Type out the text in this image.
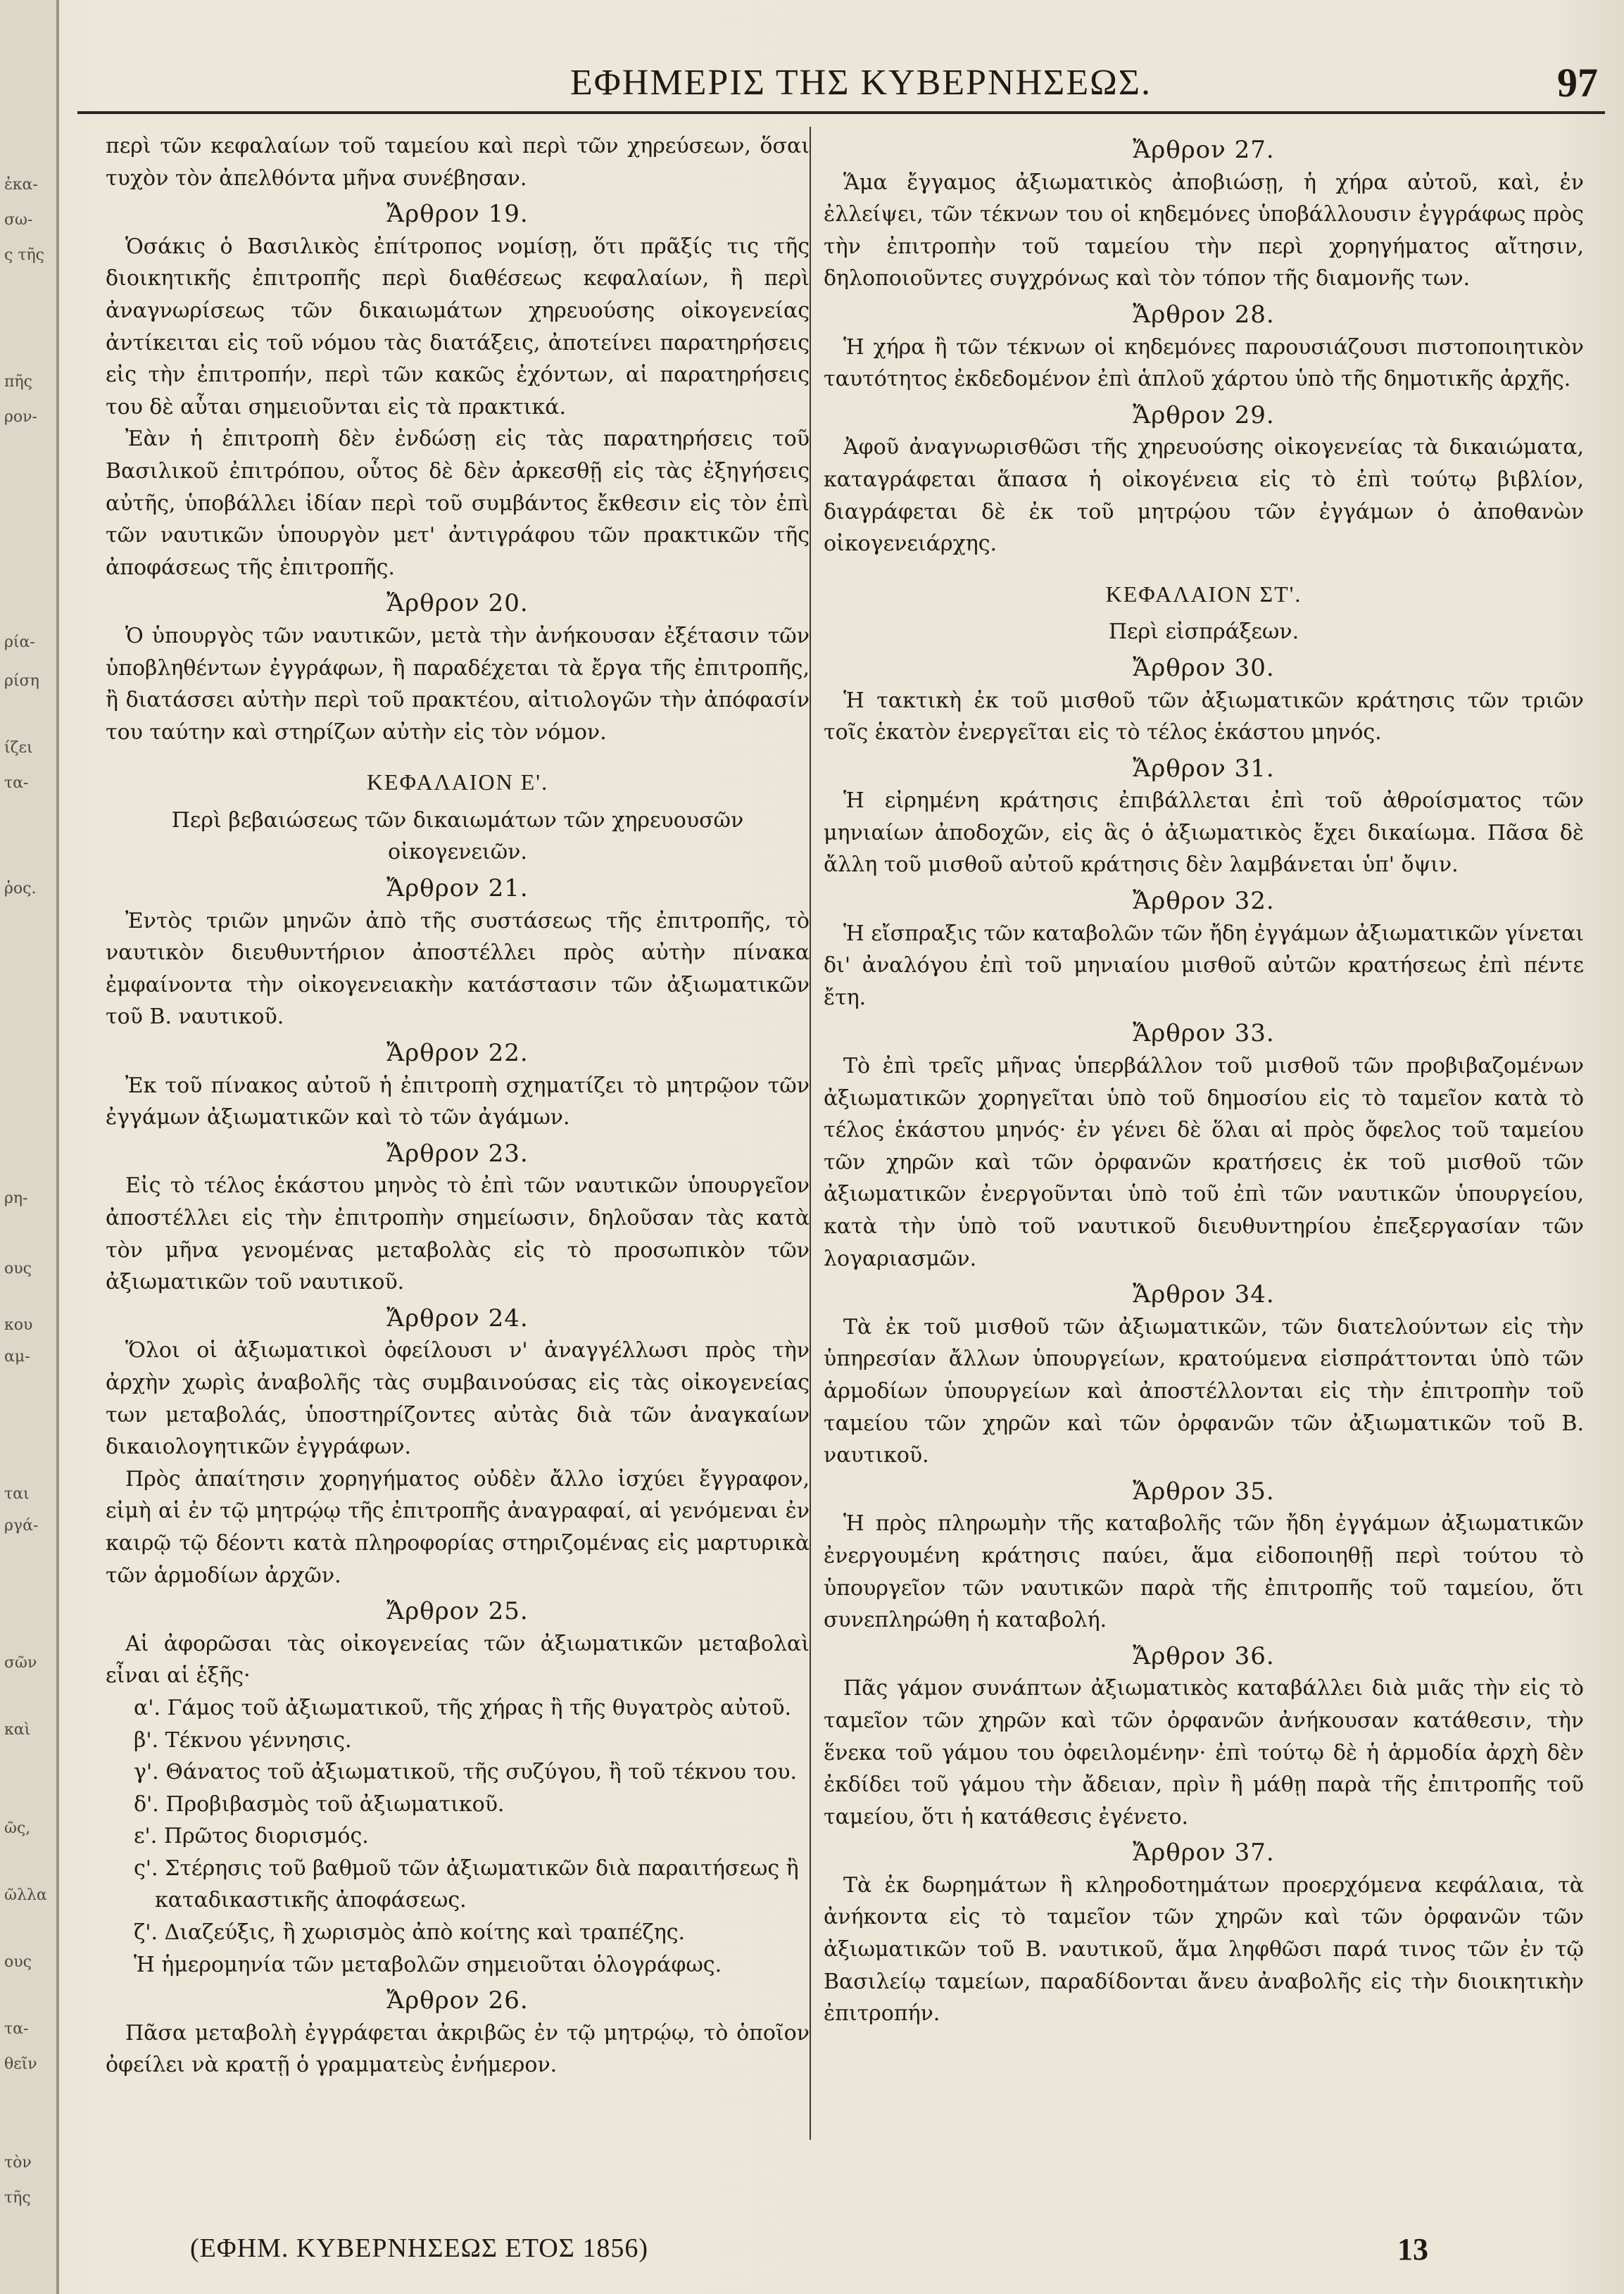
ἐκα-
σω-
ς τῆς
πῆς
ρον-
ρία-
ρίση
ίζει
τα-
ῥος.
ρη-
ους
κου
αμ-
ται
ργά-
σῶν
καὶ
ῶς,
ῶλλα
ους
τα-
θεῖν
τὸν
τῆς
ΕΦΗΜΕΡΙΣ ΤΗΣ ΚΥΒΕΡΝΗΣΕΩΣ.	97

περὶ τῶν κεφαλαίων τοῦ ταμείου καὶ περὶ τῶν χηρεύσεων, ὅσαι τυχὸν τὸν ἀπελθόντα μῆνα συνέβησαν.

Ἄρθρον 19.

Ὁσάκις ὁ Βασιλικὸς ἐπίτροπος νομίσῃ, ὅτι πρᾶξίς τις τῆς διοικητικῆς ἐπιτροπῆς περὶ διαθέσεως κεφαλαίων, ἢ περὶ ἀναγνωρίσεως τῶν δικαιωμάτων χηρευούσης οἰκογενείας ἀντίκειται εἰς τοῦ νόμου τὰς διατάξεις, ἀποτείνει παρατηρήσεις εἰς τὴν ἐπιτροπήν, περὶ τῶν κακῶς ἐχόντων, αἱ παρατηρήσεις του δὲ αὗται σημειοῦνται εἰς τὰ πρακτικά.

Ἐὰν ἡ ἐπιτροπὴ δὲν ἐνδώσῃ εἰς τὰς παρατηρήσεις τοῦ Βασιλικοῦ ἐπιτρόπου, οὗτος δὲ δὲν ἀρκεσθῇ εἰς τὰς ἐξηγήσεις αὐτῆς, ὑποβάλλει ἰδίαν περὶ τοῦ συμβάντος ἔκθεσιν εἰς τὸν ἐπὶ τῶν ναυτικῶν ὑπουργὸν μετ' ἀντιγράφου τῶν πρακτικῶν τῆς ἀποφάσεως τῆς ἐπιτροπῆς.

Ἄρθρον 20.

Ὁ ὑπουργὸς τῶν ναυτικῶν, μετὰ τὴν ἀνήκουσαν ἐξέτασιν τῶν ὑποβληθέντων ἐγγράφων, ἢ παραδέχεται τὰ ἔργα τῆς ἐπιτροπῆς, ἢ διατάσσει αὐτὴν περὶ τοῦ πρακτέου, αἰτιολογῶν τὴν ἀπόφασίν του ταύτην καὶ στηρίζων αὐτὴν εἰς τὸν νόμον.

ΚΕΦΑΛΑΙΟΝ Ε'.
Περὶ βεβαιώσεως τῶν δικαιωμάτων τῶν χηρευουσῶν οἰκογενειῶν.
Ἄρθρον 21.

Ἐντὸς τριῶν μηνῶν ἀπὸ τῆς συστάσεως τῆς ἐπιτροπῆς, τὸ ναυτικὸν διευθυντήριον ἀποστέλλει πρὸς αὐτὴν πίνακα ἐμφαίνοντα τὴν οἰκογενειακὴν κατάστασιν τῶν ἀξιωματικῶν τοῦ Β. ναυτικοῦ.

Ἄρθρον 22.

Ἐκ τοῦ πίνακος αὐτοῦ ἡ ἐπιτροπὴ σχηματίζει τὸ μητρῷον τῶν ἐγγάμων ἀξιωματικῶν καὶ τὸ τῶν ἀγάμων.

Ἄρθρον 23.

Εἰς τὸ τέλος ἑκάστου μηνὸς τὸ ἐπὶ τῶν ναυτικῶν ὑπουργεῖον ἀποστέλλει εἰς τὴν ἐπιτροπὴν σημείωσιν, δηλοῦσαν τὰς κατὰ τὸν μῆνα γενομένας μεταβολὰς εἰς τὸ προσωπικὸν τῶν ἀξιωματικῶν τοῦ ναυτικοῦ.

Ἄρθρον 24.

Ὅλοι οἱ ἀξιωματικοὶ ὀφείλουσι ν' ἀναγγέλλωσι πρὸς τὴν ἀρχὴν χωρὶς ἀναβολῆς τὰς συμβαινούσας εἰς τὰς οἰκογενείας των μεταβολάς, ὑποστηρίζοντες αὐτὰς διὰ τῶν ἀναγκαίων δικαιολογητικῶν ἐγγράφων.

Πρὸς ἀπαίτησιν χορηγήματος οὐδὲν ἄλλο ἰσχύει ἔγγραφον, εἰμὴ αἱ ἐν τῷ μητρῴῳ τῆς ἐπιτροπῆς ἀναγραφαί, αἱ γενόμεναι ἐν καιρῷ τῷ δέοντι κατὰ πληροφορίας στηριζομένας εἰς μαρτυρικὰ τῶν ἁρμοδίων ἀρχῶν.

Ἄρθρον 25.

Αἱ ἀφορῶσαι τὰς οἰκογενείας τῶν ἀξιωματικῶν μεταβολαὶ εἶναι αἱ ἑξῆς·

α'. Γάμος τοῦ ἀξιωματικοῦ, τῆς χήρας ἢ τῆς θυγατρὸς αὐτοῦ.
β'. Τέκνου γέννησις.
γ'. Θάνατος τοῦ ἀξιωματικοῦ, τῆς συζύγου, ἢ τοῦ τέκνου του.
δ'. Προβιβασμὸς τοῦ ἀξιωματικοῦ.
ε'. Πρῶτος διορισμός.
ς'. Στέρησις τοῦ βαθμοῦ τῶν ἀξιωματικῶν διὰ παραιτήσεως ἢ καταδικαστικῆς ἀποφάσεως.
ζ'. Διαζεύξις, ἢ χωρισμὸς ἀπὸ κοίτης καὶ τραπέζης.
Ἡ ἡμερομηνία τῶν μεταβολῶν σημειοῦται ὁλογράφως.
Ἄρθρον 26.

Πᾶσα μεταβολὴ ἐγγράφεται ἀκριβῶς ἐν τῷ μητρῴῳ, τὸ ὁποῖον ὀφείλει νὰ κρατῇ ὁ γραμματεὺς ἐνήμερον.

Ἄρθρον 27.

Ἅμα ἔγγαμος ἀξιωματικὸς ἀποβιώσῃ, ἡ χήρα αὐτοῦ, καὶ, ἐν ἐλλείψει, τῶν τέκνων του οἱ κηδεμόνες ὑποβάλλουσιν ἐγγράφως πρὸς τὴν ἐπιτροπὴν τοῦ ταμείου τὴν περὶ χορηγήματος αἴτησιν, δηλοποιοῦντες συγχρόνως καὶ τὸν τόπον τῆς διαμονῆς των.

Ἄρθρον 28.

Ἡ χήρα ἢ τῶν τέκνων οἱ κηδεμόνες παρουσιάζουσι πιστοποιητικὸν ταυτότητος ἐκδεδομένον ἐπὶ ἁπλοῦ χάρτου ὑπὸ τῆς δημοτικῆς ἀρχῆς.

Ἄρθρον 29.

Ἀφοῦ ἀναγνωρισθῶσι τῆς χηρευούσης οἰκογενείας τὰ δικαιώματα, καταγράφεται ἅπασα ἡ οἰκογένεια εἰς τὸ ἐπὶ τούτῳ βιβλίον, διαγράφεται δὲ ἐκ τοῦ μητρῴου τῶν ἐγγάμων ὁ ἀποθανὼν οἰκογενειάρχης.

ΚΕΦΑΛΑΙΟΝ ΣΤ'.
Περὶ εἰσπράξεων.
Ἄρθρον 30.

Ἡ τακτικὴ ἐκ τοῦ μισθοῦ τῶν ἀξιωματικῶν κράτησις τῶν τριῶν τοῖς ἑκατὸν ἐνεργεῖται εἰς τὸ τέλος ἑκάστου μηνός.

Ἄρθρον 31.

Ἡ εἰρημένη κράτησις ἐπιβάλλεται ἐπὶ τοῦ ἀθροίσματος τῶν μηνιαίων ἀποδοχῶν, εἰς ἃς ὁ ἀξιωματικὸς ἔχει δικαίωμα. Πᾶσα δὲ ἄλλη τοῦ μισθοῦ αὐτοῦ κράτησις δὲν λαμβάνεται ὑπ' ὄψιν.

Ἄρθρον 32.

Ἡ εἴσπραξις τῶν καταβολῶν τῶν ἤδη ἐγγάμων ἀξιωματικῶν γίνεται δι' ἀναλόγου ἐπὶ τοῦ μηνιαίου μισθοῦ αὐτῶν κρατήσεως ἐπὶ πέντε ἔτη.

Ἄρθρον 33.

Τὸ ἐπὶ τρεῖς μῆνας ὑπερβάλλον τοῦ μισθοῦ τῶν προβιβαζομένων ἀξιωματικῶν χορηγεῖται ὑπὸ τοῦ δημοσίου εἰς τὸ ταμεῖον κατὰ τὸ τέλος ἑκάστου μηνός· ἐν γένει δὲ ὅλαι αἱ πρὸς ὄφελος τοῦ ταμείου τῶν χηρῶν καὶ τῶν ὀρφανῶν κρατήσεις ἐκ τοῦ μισθοῦ τῶν ἀξιωματικῶν ἐνεργοῦνται ὑπὸ τοῦ ἐπὶ τῶν ναυτικῶν ὑπουργείου, κατὰ τὴν ὑπὸ τοῦ ναυτικοῦ διευθυντηρίου ἐπεξεργασίαν τῶν λογαριασμῶν.

Ἄρθρον 34.

Τὰ ἐκ τοῦ μισθοῦ τῶν ἀξιωματικῶν, τῶν διατελούντων εἰς τὴν ὑπηρεσίαν ἄλλων ὑπουργείων, κρατούμενα εἰσπράττονται ὑπὸ τῶν ἁρμοδίων ὑπουργείων καὶ ἀποστέλλονται εἰς τὴν ἐπιτροπὴν τοῦ ταμείου τῶν χηρῶν καὶ τῶν ὀρφανῶν τῶν ἀξιωματικῶν τοῦ Β. ναυτικοῦ.

Ἄρθρον 35.

Ἡ πρὸς πληρωμὴν τῆς καταβολῆς τῶν ἤδη ἐγγάμων ἀξιωματικῶν ἐνεργουμένη κράτησις παύει, ἅμα εἰδοποιηθῇ περὶ τούτου τὸ ὑπουργεῖον τῶν ναυτικῶν παρὰ τῆς ἐπιτροπῆς τοῦ ταμείου, ὅτι συνεπληρώθη ἡ καταβολή.

Ἄρθρον 36.

Πᾶς γάμον συνάπτων ἀξιωματικὸς καταβάλλει διὰ μιᾶς τὴν εἰς τὸ ταμεῖον τῶν χηρῶν καὶ τῶν ὀρφανῶν ἀνήκουσαν κατάθεσιν, τὴν ἕνεκα τοῦ γάμου του ὀφειλομένην· ἐπὶ τούτῳ δὲ ἡ ἁρμοδία ἀρχὴ δὲν ἐκδίδει τοῦ γάμου τὴν ἄδειαν, πρὶν ἢ μάθῃ παρὰ τῆς ἐπιτροπῆς τοῦ ταμείου, ὅτι ἡ κατάθεσις ἐγένετο.

Ἄρθρον 37.

Τὰ ἐκ δωρημάτων ἢ κληροδοτημάτων προερχόμενα κεφάλαια, τὰ ἀνήκοντα εἰς τὸ ταμεῖον τῶν χηρῶν καὶ τῶν ὀρφανῶν τῶν ἀξιωματικῶν τοῦ Β. ναυτικοῦ, ἅμα ληφθῶσι παρά τινος τῶν ἐν τῷ Βασιλείῳ ταμείων, παραδίδονται ἄνευ ἀναβολῆς εἰς τὴν διοικητικὴν ἐπιτροπήν.

(ΕΦΗΜ. ΚΥΒΕΡΝΗΣΕΩΣ ΕΤΟΣ 1856)	13
